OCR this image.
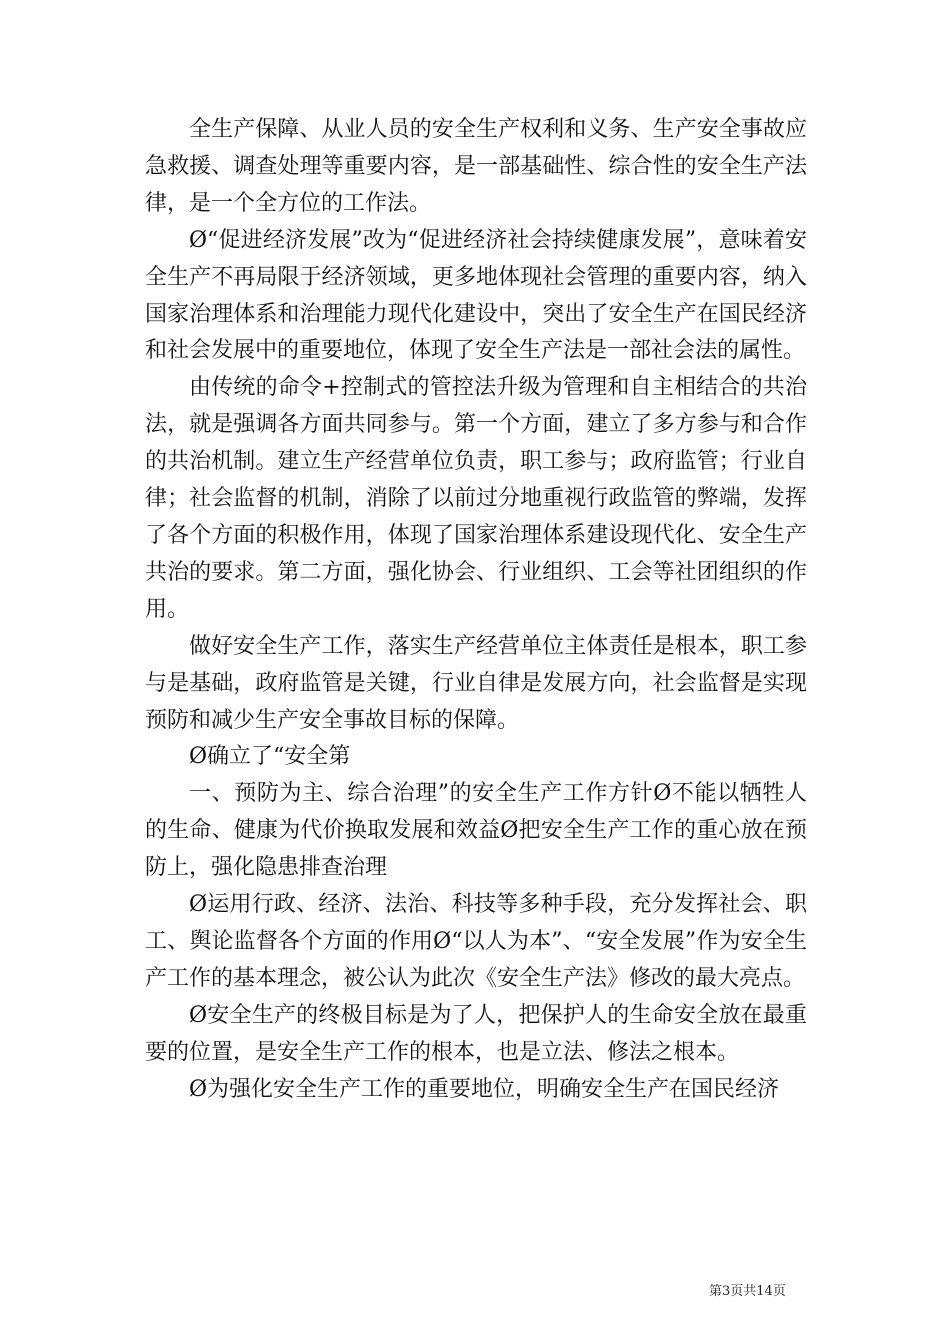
全生产保障、从业人员的安全生产权利和义务、生产安全事故应急救援、调查处理等重要内容，是一部基础性、综合性的安全生产法律，是一个全方位的工作法。

Ø“促进经济发展”改为“促进经济社会持续健康发展”，意味着安全生产不再局限于经济领域，更多地体现社会管理的重要内容，纳入国家治理体系和治理能力现代化建设中，突出了安全生产在国民经济和社会发展中的重要地位，体现了安全生产法是一部社会法的属性。

由传统的命令+控制式的管控法升级为管理和自主相结合的共治法，就是强调各方面共同参与。第一个方面，建立了多方参与和合作的共治机制。建立生产经营单位负责，职工参与；政府监管；行业自律；社会监督的机制，消除了以前过分地重视行政监管的弊端，发挥了各个方面的积极作用，体现了国家治理体系建设现代化、安全生产共治的要求。第二方面，强化协会、行业组织、工会等社团组织的作用。

做好安全生产工作，落实生产经营单位主体责任是根本，职工参与是基础，政府监管是关键，行业自律是发展方向，社会监督是实现预防和减少生产安全事故目标的保障。

Ø确立了“安全第

一、预防为主、综合治理”的安全生产工作方针Ø不能以牺牲人的生命、健康为代价换取发展和效益Ø把安全生产工作的重心放在预防上，强化隐患排查治理

Ø运用行政、经济、法治、科技等多种手段，充分发挥社会、职工、舆论监督各个方面的作用Ø“以人为本”、“安全发展”作为安全生产工作的基本理念，被公认为此次《安全生产法》修改的最大亮点。

Ø安全生产的终极目标是为了人，把保护人的生命安全放在最重要的位置，是安全生产工作的根本，也是立法、修法之根本。

Ø为强化安全生产工作的重要地位，明确安全生产在国民经济

第3页共14页
